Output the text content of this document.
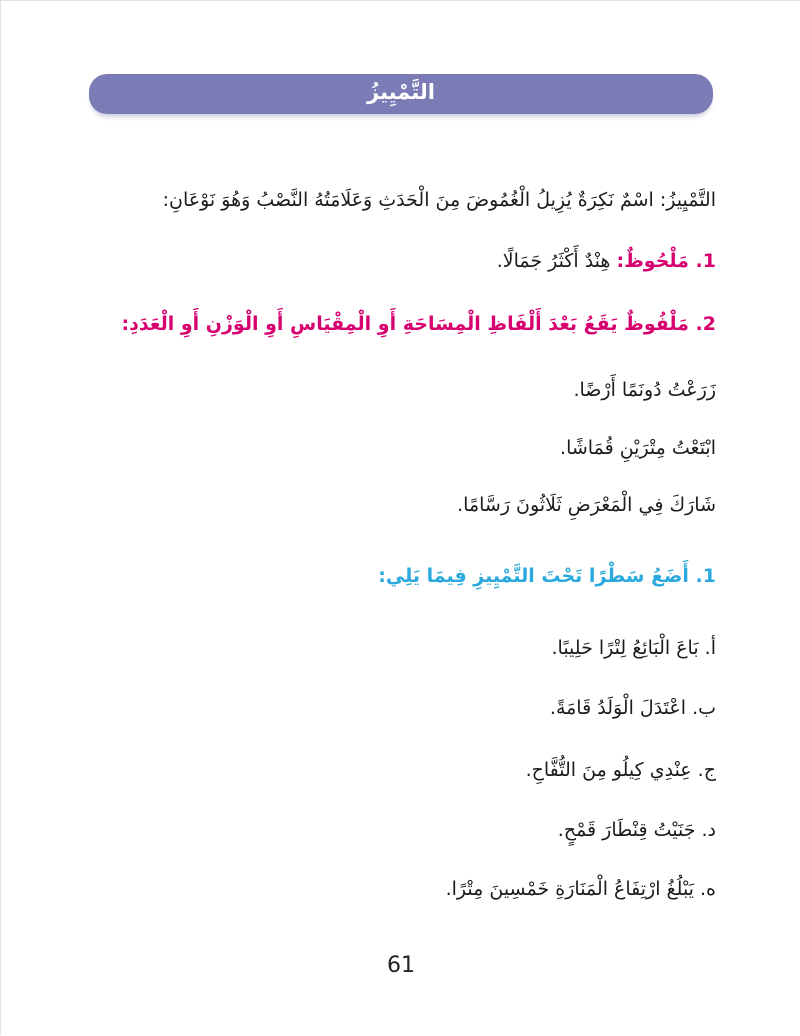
التَّمْيِيزُ
التَّمْيِيزُ: اسْمٌ نَكِرَةٌ يُزِيلُ الْغُمُوضَ مِنَ الْحَدَثِ وَعَلَامَتُهُ النَّصْبُ وَهُوَ نَوْعَانِ:
1. مَلْحُوظٌ: هِنْدٌ أَكْثَرُ جَمَالًا.
2. مَلْفُوظٌ يَقَعُ بَعْدَ أَلْفَاظِ الْمِسَاحَةِ أَوِ الْمِقْيَاسِ أَوِ الْوَزْنِ أَوِ الْعَدَدِ:
زَرَعْتُ دُونَمًا أَرْضًا.
ابْتَعْتُ مِتْرَيْنِ قُمَاشًا.
شَارَكَ فِي الْمَعْرَضِ ثَلَاثُونَ رَسَّامًا.
1. أَضَعُ سَطْرًا تَحْتَ التَّمْيِيزِ فِيمَا يَلِي:
أ. بَاعَ الْبَائِعُ لِتْرًا حَلِيبًا.
ب. اعْتَدَلَ الْوَلَدُ قَامَةً.
ج. عِنْدِي كِيلُو مِنَ التُّفَّاحِ.
د. جَنَيْتُ قِنْطَارَ قَمْحٍ.
ه. يَبْلُغُ ارْتِفَاعُ الْمَنَارَةِ خَمْسِينَ مِتْرًا.
61
